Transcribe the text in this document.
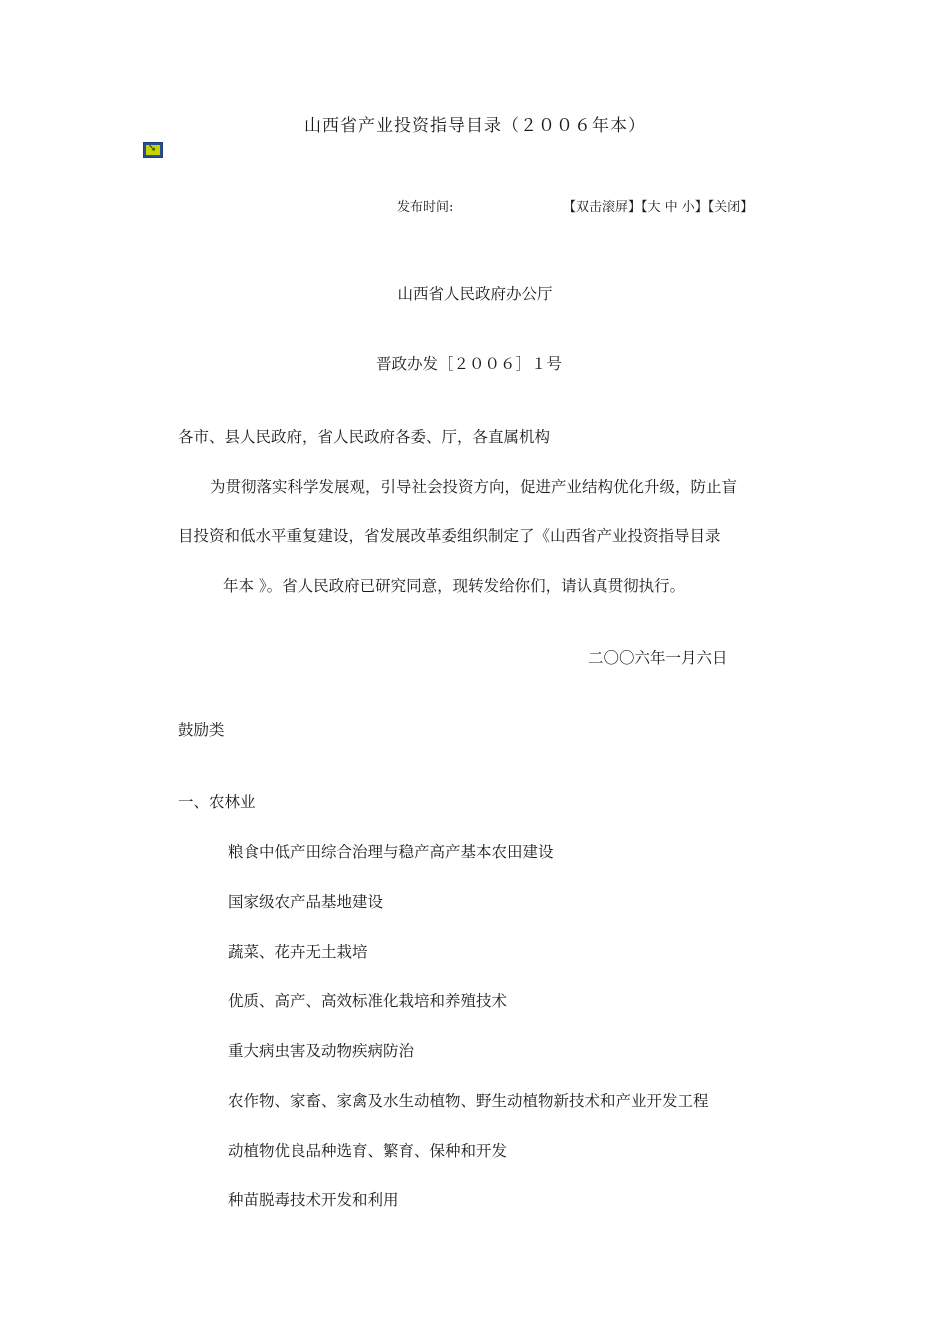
山西省产业投资指导目录（２００６年本）
➘
发布时间:	【双击滚屏】【大 中 小】【关闭】
山西省人民政府办公厅
晋政办发［２００６］１号
各市、县人民政府，省人民政府各委、厅，各直属机构
为贯彻落实科学发展观，引导社会投资方向，促进产业结构优化升级，防止盲
目投资和低水平重复建设，省发展改革委组织制定了《山西省产业投资指导目录
年本 》。省人民政府已研究同意，现转发给你们，请认真贯彻执行。
二〇〇六年一月六日
鼓励类
一、农林业
粮食中低产田综合治理与稳产高产基本农田建设
国家级农产品基地建设
蔬菜、花卉无土栽培
优质、高产、高效标准化栽培和养殖技术
重大病虫害及动物疾病防治
农作物、家畜、家禽及水生动植物、野生动植物新技术和产业开发工程
动植物优良品种选育、繁育、保种和开发
种苗脱毒技术开发和利用
